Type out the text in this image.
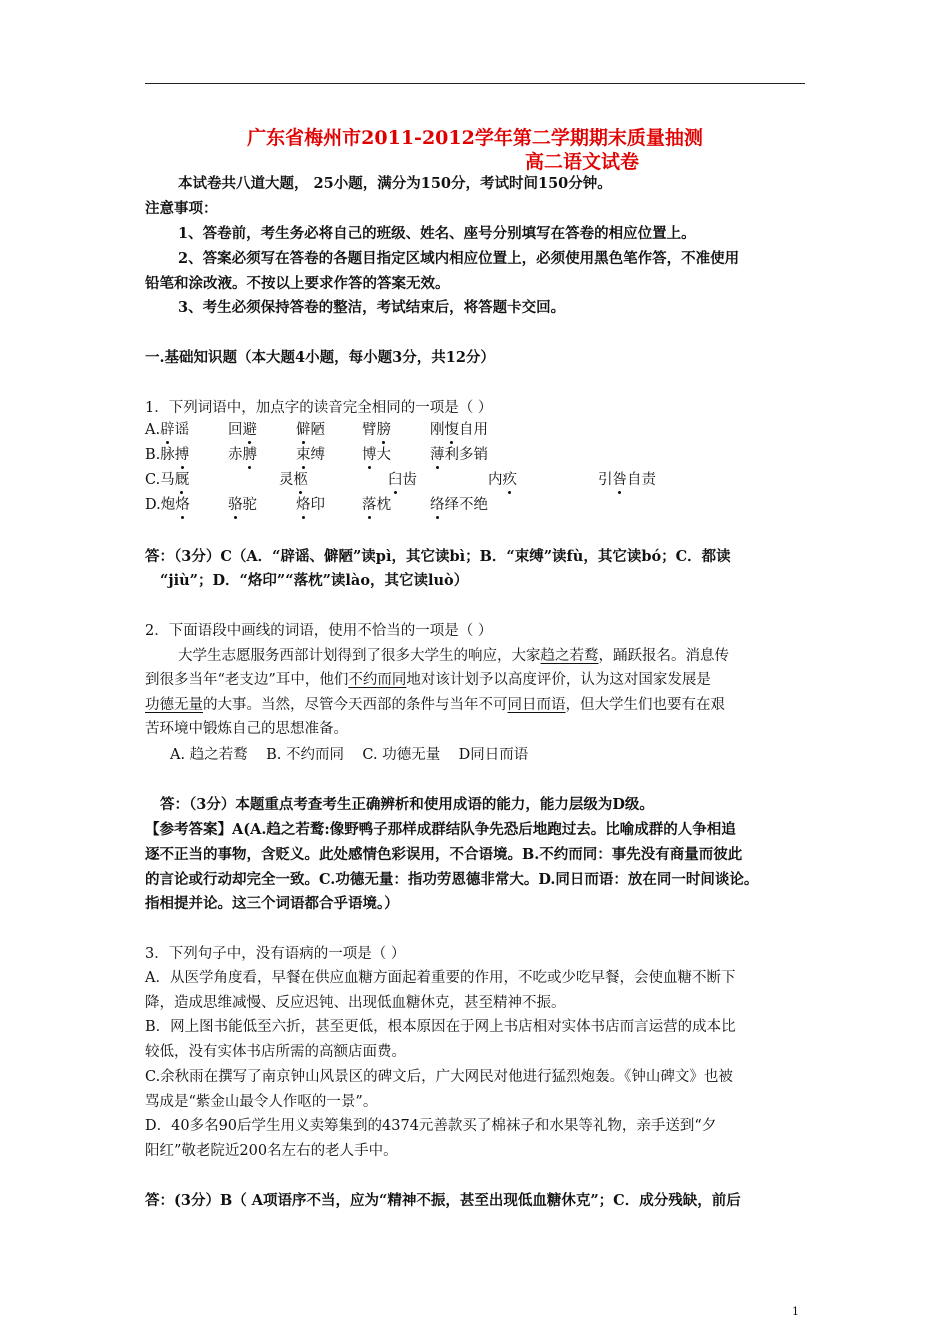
广东省梅州市2011-2012学年第二学期期末质量抽测
高二语文试卷
本试卷共八道大题， 25小题，满分为150分，考试时间150分钟。
注意事项：
1、答卷前，考生务必将自己的班级、姓名、座号分别填写在答卷的相应位置上。
2、答案必须写在答卷的各题目指定区域内相应位置上，必须使用黑色笔作答，不准使用
铅笔和涂改液。不按以上要求作答的答案无效。
3、考生必须保持答卷的整洁，考试结束后，将答题卡交回。
一.基础知识题（本大题4小题，每小题3分，共12分）
1．下列词语中，加点字的读音完全相同的一项是（ ）
A.辟谣	回避	僻陋	臂膀	刚愎自用
B.脉搏	赤膊	束缚	博大	薄利多销
C.马厩	灵柩	臼齿	内疚	引咎自责
D.炮烙	骆驼	烙印	落枕	络绎不绝
答：（3分）C（A．“辟谣、僻陋”读pì，其它读bì；B．“束缚”读fù，其它读bó；C．都读
“jiù”；D．“烙印”“落枕”读lào，其它读luò）
2．下面语段中画线的词语，使用不恰当的一项是（ ）
大学生志愿服务西部计划得到了很多大学生的响应，大家趋之若鹜，踊跃报名。消息传
到很多当年“老支边”耳中，他们不约而同地对该计划予以高度评价，认为这对国家发展是
功德无量的大事。当然，尽管今天西部的条件与当年不可同日而语，但大学生们也要有在艰
苦环境中锻炼自己的思想准备。
A. 趋之若鹜    B. 不约而同    C. 功德无量    D同日而语
答：（3分）本题重点考查考生正确辨析和使用成语的能力，能力层级为D级。
【参考答案】A(A.趋之若鹜:像野鸭子那样成群结队争先恐后地跑过去。比喻成群的人争相追
逐不正当的事物，含贬义。此处感情色彩误用，不合语境。B.不约而同：事先没有商量而彼此
的言论或行动却完全一致。C.功德无量：指功劳恩德非常大。D.同日而语：放在同一时间谈论。
指相提并论。这三个词语都合乎语境。）
3．下列句子中，没有语病的一项是（ ）
A．从医学角度看，早餐在供应血糖方面起着重要的作用，不吃或少吃早餐，会使血糖不断下
降，造成思维减慢、反应迟钝、出现低血糖休克，甚至精神不振。
B．网上图书能低至六折，甚至更低，根本原因在于网上书店相对实体书店而言运营的成本比
较低，没有实体书店所需的高额店面费。
C.余秋雨在撰写了南京钟山风景区的碑文后，广大网民对他进行猛烈炮轰。《钟山碑文》也被
骂成是“紫金山最令人作呕的一景”。
D．40多名90后学生用义卖筹集到的4374元善款买了棉袜子和水果等礼物，亲手送到“夕
阳红”敬老院近200名左右的老人手中。
答：(3分）B（ A项语序不当，应为“精神不振，甚至出现低血糖休克”；C．成分残缺，前后
1
